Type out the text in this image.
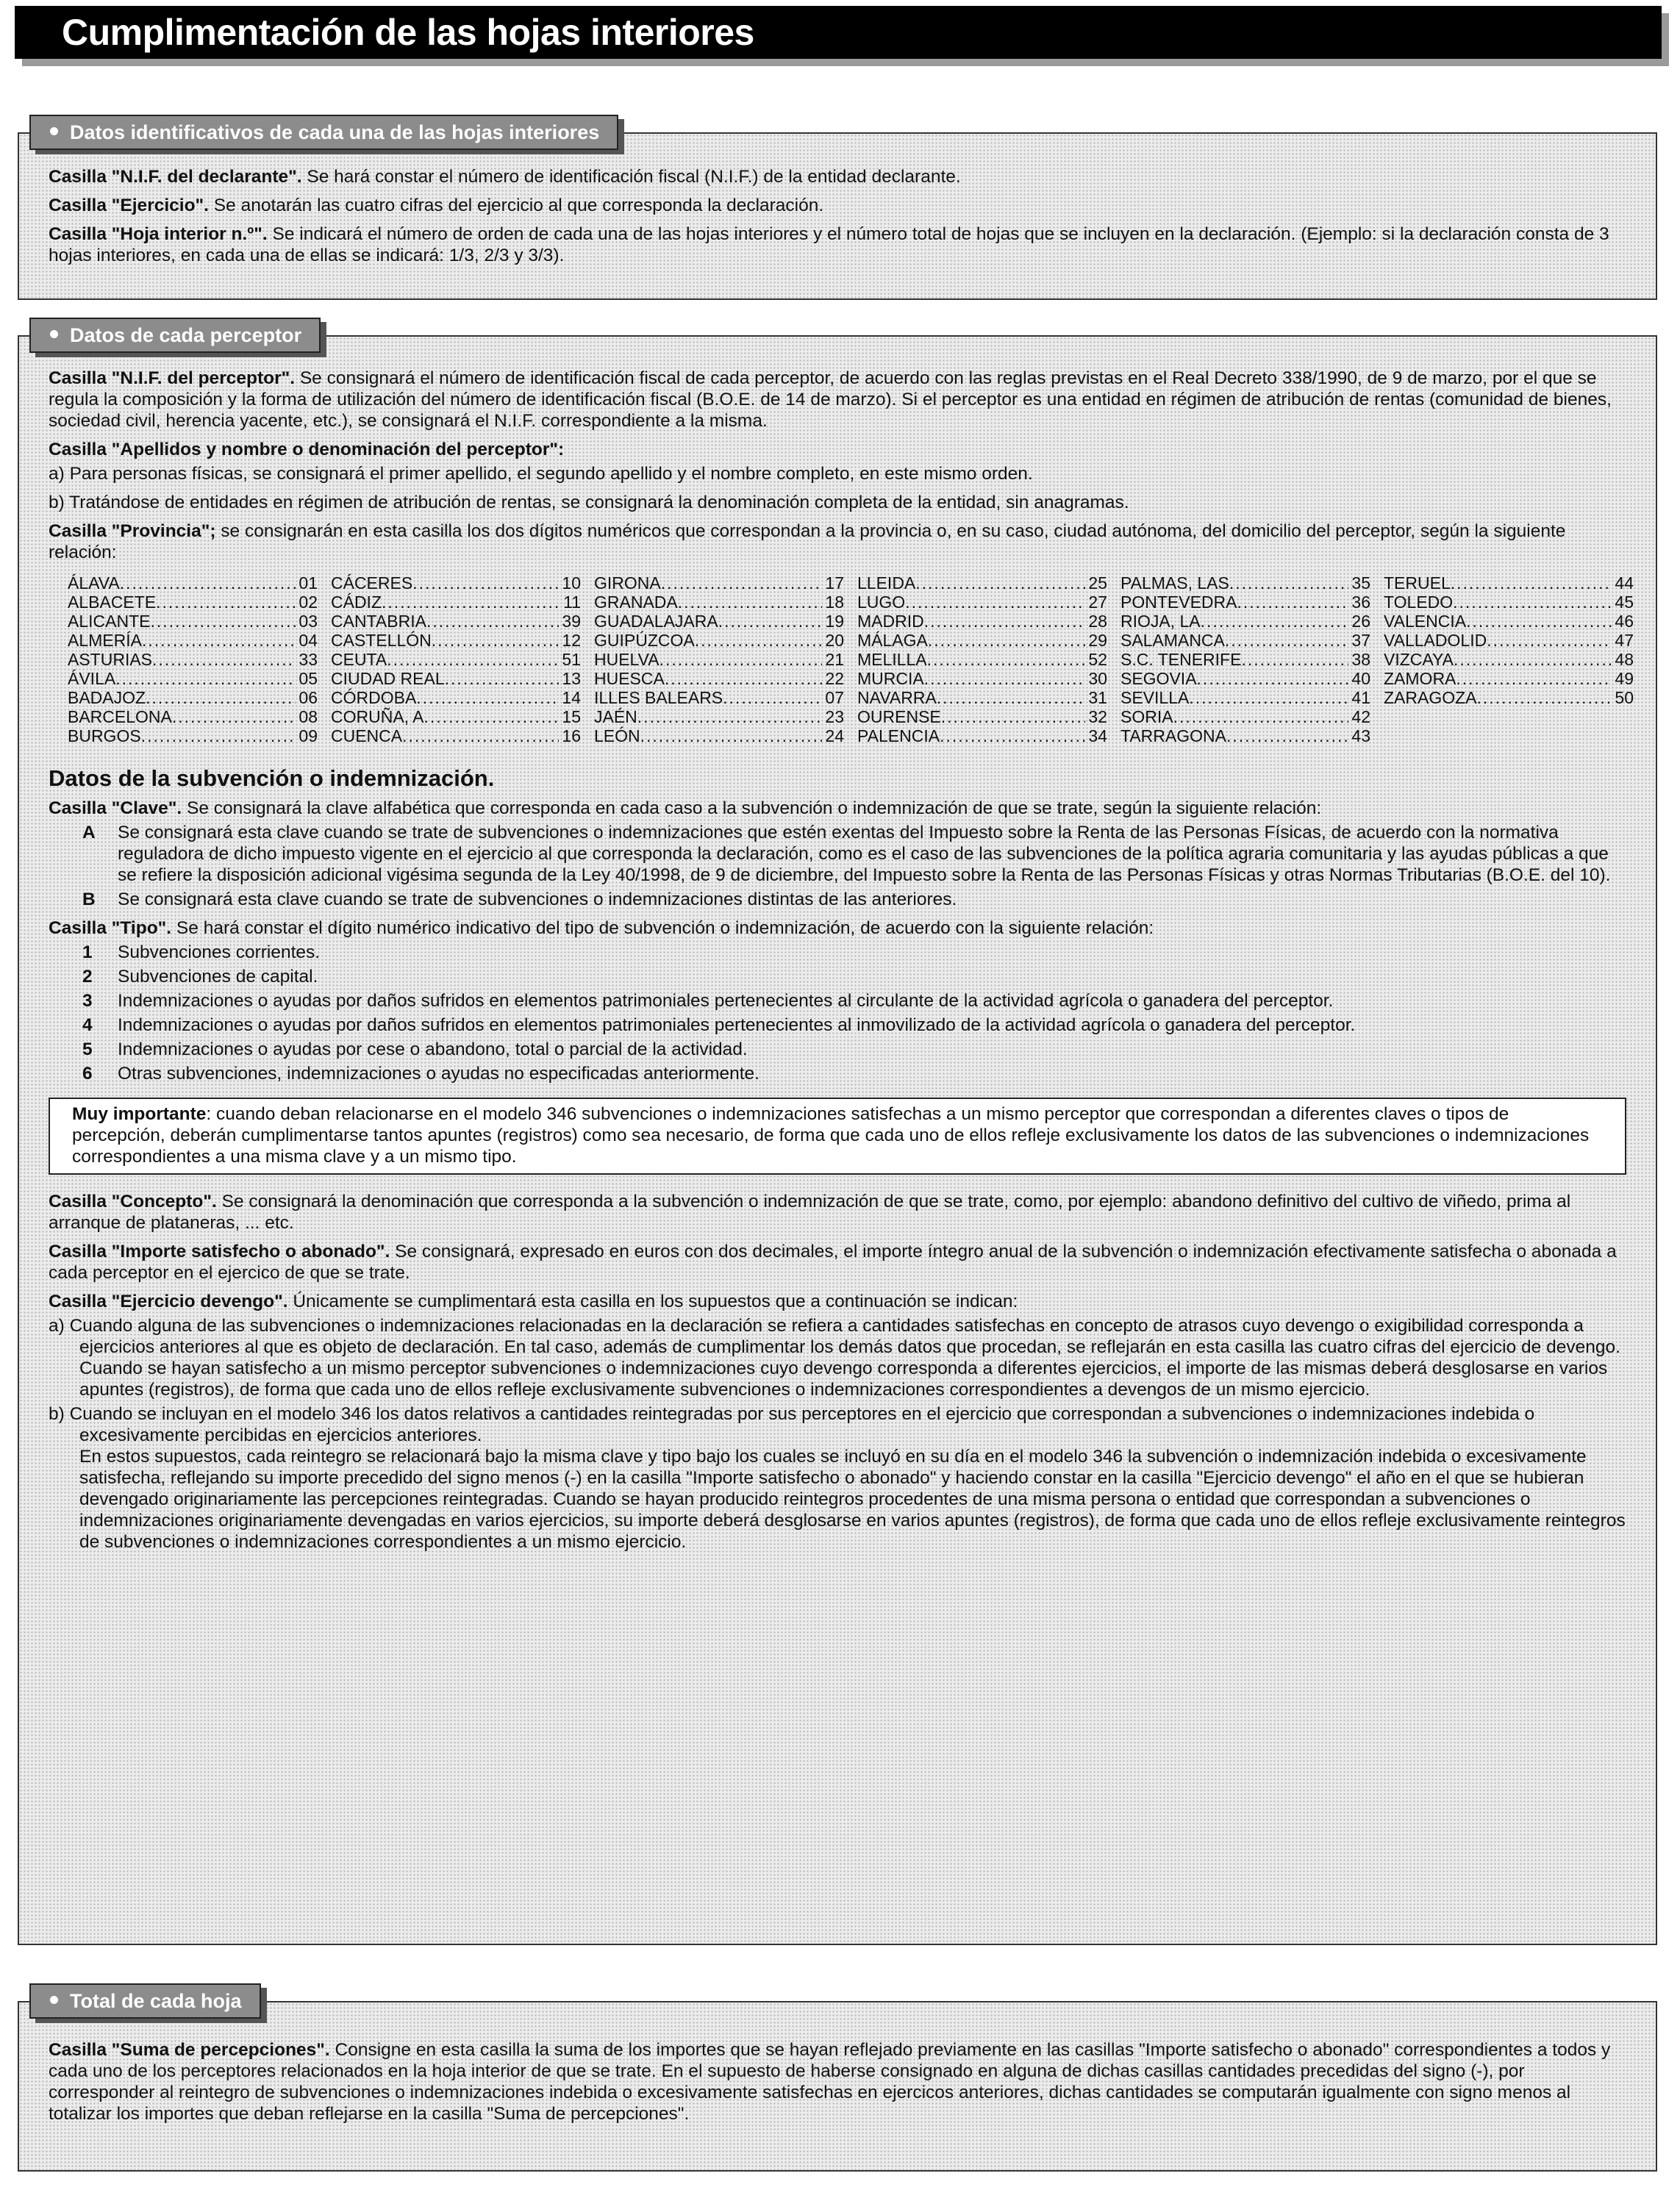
Cumplimentación de las hojas interiores
Datos identificativos de cada una de las hojas interiores

Casilla "N.I.F. del declarante". Se hará constar el número de identificación fiscal (N.I.F.) de la entidad declarante.

Casilla "Ejercicio". Se anotarán las cuatro cifras del ejercicio al que corresponda la declaración.

Casilla "Hoja interior n.º". Se indicará el número de orden de cada una de las hojas interiores y el número total de hojas que se incluyen en la declaración. (Ejemplo: si la declaración consta de 3 hojas interiores, en cada una de ellas se indicará: 1/3, 2/3 y 3/3).

Datos de cada perceptor

Casilla "N.I.F. del perceptor". Se consignará el número de identificación fiscal de cada perceptor, de acuerdo con las reglas previstas en el Real Decreto 338/1990, de 9 de marzo, por el que se regula la composición y la forma de utilización del número de identificación fiscal (B.O.E. de 14 de marzo). Si el perceptor es una entidad en régimen de atribución de rentas (comunidad de bienes, sociedad civil, herencia yacente, etc.), se consignará el N.I.F. correspondiente a la misma.

Casilla "Apellidos y nombre o denominación del perceptor":

a) Para personas físicas, se consignará el primer apellido, el segundo apellido y el nombre completo, en este mismo orden.

b) Tratándose de entidades en régimen de atribución de rentas, se consignará la denominación completa de la entidad, sin anagramas.

Casilla "Provincia"; se consignarán en esta casilla los dos dígitos numéricos que correspondan a la provincia o, en su caso, ciudad autónoma, del domicilio del perceptor, según la siguiente relación:

ÁLAVA .....	01
ALBACETE .....	02
ALICANTE .....	03
ALMERÍA .....	04
ASTURIAS .....	33
ÁVILA .....	05
BADAJOZ .....	06
BARCELONA .....	08
BURGOS .....	09
CÁCERES .....	10
CÁDIZ .....	11
CANTABRIA .....	39
CASTELLÓN .....	12
CEUTA .....	51
CIUDAD REAL .....	13
CÓRDOBA .....	14
CORUÑA, A .....	15
CUENCA .....	16
GIRONA .....	17
GRANADA .....	18
GUADALAJARA .....	19
GUIPÚZCOA .....	20
HUELVA .....	21
HUESCA .....	22
ILLES BALEARS .....	07
JAÉN .....	23
LEÓN .....	24
LLEIDA .....	25
LUGO .....	27
MADRID .....	28
MÁLAGA .....	29
MELILLA .....	52
MURCIA .....	30
NAVARRA .....	31
OURENSE .....	32
PALENCIA .....	34
PALMAS, LAS .....	35
PONTEVEDRA .....	36
RIOJA, LA .....	26
SALAMANCA .....	37
S.C. TENERIFE .....	38
SEGOVIA .....	40
SEVILLA .....	41
SORIA .....	42
TARRAGONA .....	43
TERUEL .....	44
TOLEDO .....	45
VALENCIA .....	46
VALLADOLID .....	47
VIZCAYA .....	48
ZAMORA .....	49
ZARAGOZA .....	50
Datos de la subvención o indemnización.

Casilla "Clave". Se consignará la clave alfabética que corresponda en cada caso a la subvención o indemnización de que se trate, según la siguiente relación:

A	Se consignará esta clave cuando se trate de subvenciones o indemnizaciones que estén exentas del Impuesto sobre la Renta de las Personas Físicas, de acuerdo con la normativa reguladora de dicho impuesto vigente en el ejercicio al que corresponda la declaración, como es el caso de las subvenciones de la política agraria comunitaria y las ayudas públicas a que se refiere la disposición adicional vigésima segunda de la Ley 40/1998, de 9 de diciembre, del Impuesto sobre la Renta de las Personas Físicas y otras Normas Tributarias (B.O.E. del 10).
B	Se consignará esta clave cuando se trate de subvenciones o indemnizaciones distintas de las anteriores.

Casilla "Tipo". Se hará constar el dígito numérico indicativo del tipo de subvención o indemnización, de acuerdo con la siguiente relación:

1	Subvenciones corrientes.
2	Subvenciones de capital.
3	Indemnizaciones o ayudas por daños sufridos en elementos patrimoniales pertenecientes al circulante de la actividad agrícola o ganadera del perceptor.
4	Indemnizaciones o ayudas por daños sufridos en elementos patrimoniales pertenecientes al inmovilizado de la actividad agrícola o ganadera del perceptor.
5	Indemnizaciones o ayudas por cese o abandono, total o parcial de la actividad.
6	Otras subvenciones, indemnizaciones o ayudas no especificadas anteriormente.
Muy importante: cuando deban relacionarse en el modelo 346 subvenciones o indemnizaciones satisfechas a un mismo perceptor que correspondan a diferentes claves o tipos de percepción, deberán cumplimentarse tantos apuntes (registros) como sea necesario, de forma que cada uno de ellos refleje exclusivamente los datos de las subvenciones o indemnizaciones correspondientes a una misma clave y a un mismo tipo.

Casilla "Concepto". Se consignará la denominación que corresponda a la subvención o indemnización de que se trate, como, por ejemplo: abandono definitivo del cultivo de viñedo, prima al arranque de plataneras, ... etc.

Casilla "Importe satisfecho o abonado". Se consignará, expresado en euros con dos decimales, el importe íntegro anual de la subvención o indemnización efectivamente satisfecha o abonada a cada perceptor en el ejercico de que se trate.

Casilla "Ejercicio devengo". Únicamente se cumplimentará esta casilla en los supuestos que a continuación se indican:

a) Cuando alguna de las subvenciones o indemnizaciones relacionadas en la declaración se refiera a cantidades satisfechas en concepto de atrasos cuyo devengo o exigibilidad corresponda a ejercicios anteriores al que es objeto de declaración. En tal caso, además de cumplimentar los demás datos que procedan, se reflejarán en esta casilla las cuatro cifras del ejercicio de devengo.

Cuando se hayan satisfecho a un mismo perceptor subvenciones o indemnizaciones cuyo devengo corresponda a diferentes ejercicios, el importe de las mismas deberá desglosarse en varios apuntes (registros), de forma que cada uno de ellos refleje exclusivamente subvenciones o indemnizaciones correspondientes a devengos de un mismo ejercicio.

b) Cuando se incluyan en el modelo 346 los datos relativos a cantidades reintegradas por sus perceptores en el ejercicio que correspondan a subvenciones o indemnizaciones indebida o excesivamente percibidas en ejercicios anteriores.

En estos supuestos, cada reintegro se relacionará bajo la misma clave y tipo bajo los cuales se incluyó en su día en el modelo 346 la subvención o indemnización indebida o excesivamente satisfecha, reflejando su importe precedido del signo menos (-) en la casilla "Importe satisfecho o abonado" y haciendo constar en la casilla "Ejercicio devengo" el año en el que se hubieran devengado originariamente las percepciones reintegradas. Cuando se hayan producido reintegros procedentes de una misma persona o entidad que correspondan a subvenciones o indemnizaciones originariamente devengadas en varios ejercicios, su importe deberá desglosarse en varios apuntes (registros), de forma que cada uno de ellos refleje exclusivamente reintegros de subvenciones o indemnizaciones correspondientes a un mismo ejercicio.

Total de cada hoja

Casilla "Suma de percepciones". Consigne en esta casilla la suma de los importes que se hayan reflejado previamente en las casillas "Importe satisfecho o abonado" correspondientes a todos y cada uno de los perceptores relacionados en la hoja interior de que se trate. En el supuesto de haberse consignado en alguna de dichas casillas cantidades precedidas del signo (-), por corresponder al reintegro de subvenciones o indemnizaciones indebida o excesivamente satisfechas en ejercicos anteriores, dichas cantidades se computarán igualmente con signo menos al totalizar los importes que deban reflejarse en la casilla "Suma de percepciones".
